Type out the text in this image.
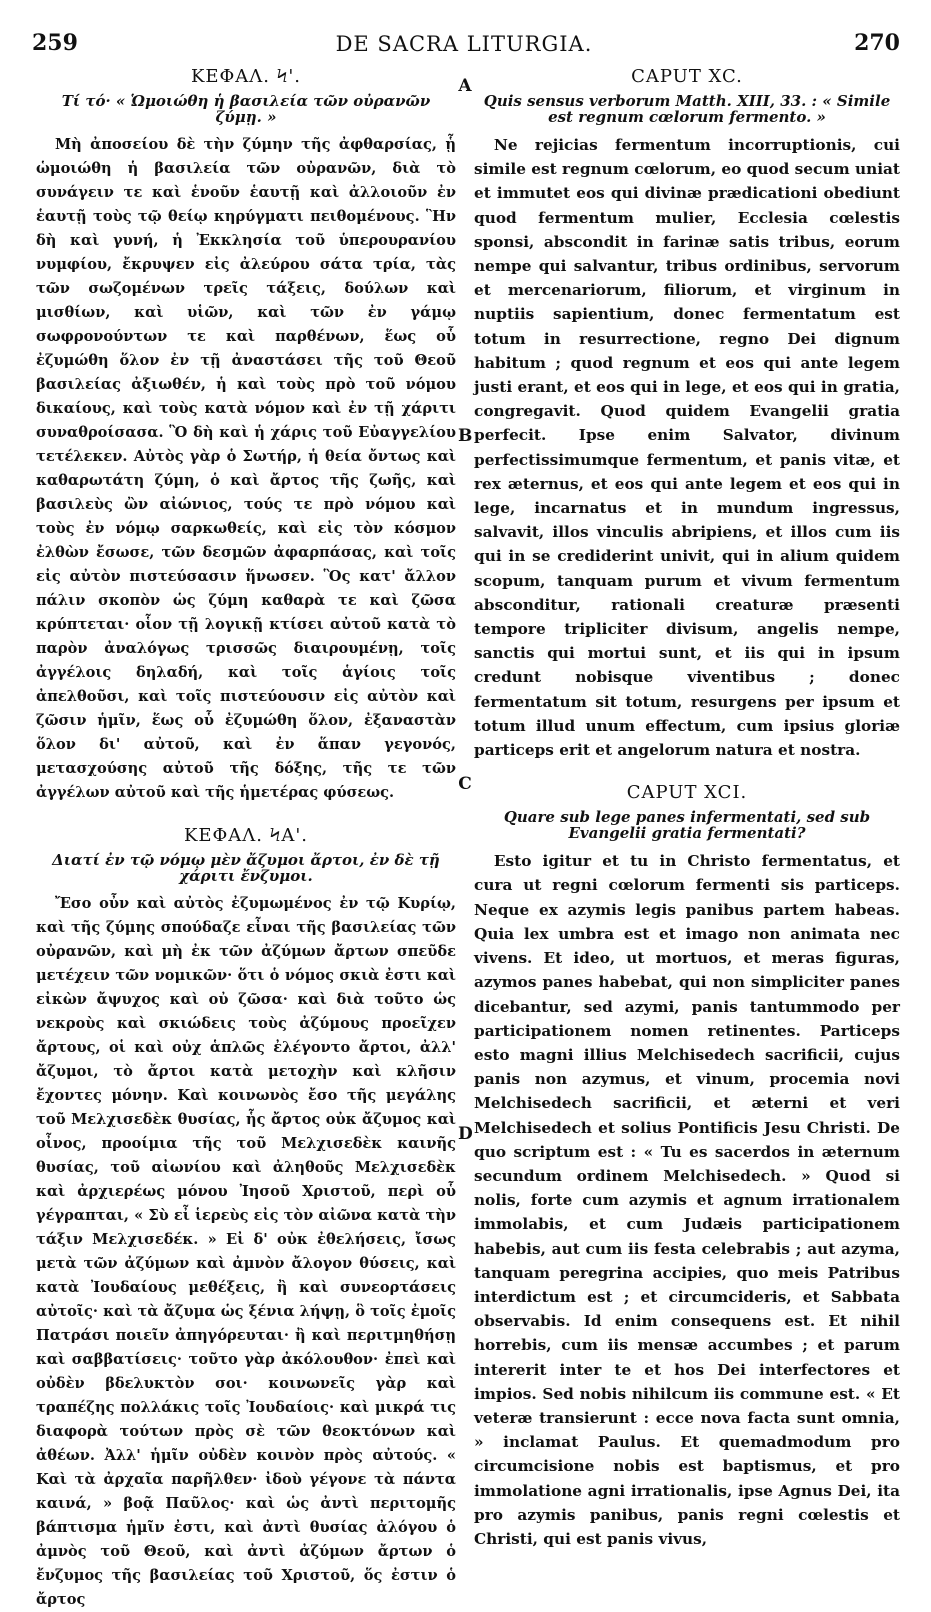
259	DE SACRA LITURGIA.	270
ΚΕΦΑΛ. Ϟ'.
Τί τό· « Ὡμοιώθη ἡ βασιλεία τῶν οὐρανῶν ζύμῃ. »

Μὴ ἀποσείου δὲ τὴν ζύμην τῆς ἀφθαρσίας, ᾗ ὡμοιώθη ἡ βασιλεία τῶν οὐρανῶν, διὰ τὸ συνάγειν τε καὶ ἑνοῦν ἑαυτῇ καὶ ἀλλοιοῦν ἐν ἑαυτῇ τοὺς τῷ θείῳ κηρύγματι πειθομένους. Ἣν δὴ καὶ γυνή, ἡ Ἐκκλησία τοῦ ὑπερουρανίου νυμφίου, ἔκρυψεν εἰς ἀλεύρου σάτα τρία, τὰς τῶν σωζομένων τρεῖς τάξεις, δούλων καὶ μισθίων, καὶ υἱῶν, καὶ τῶν ἐν γάμῳ σωφρονούντων τε καὶ παρθένων, ἕως οὗ ἐζυμώθη ὅλον ἐν τῇ ἀναστάσει τῆς τοῦ Θεοῦ βασιλείας ἀξιωθέν, ἡ καὶ τοὺς πρὸ τοῦ νόμου δικαίους, καὶ τοὺς κατὰ νόμον καὶ ἐν τῇ χάριτι συναθροίσασα. Ὃ δὴ καὶ ἡ χάρις τοῦ Εὐαγγελίου τετέλεκεν. Αὐτὸς γὰρ ὁ Σωτήρ, ἡ θεία ὄντως καὶ καθαρωτάτη ζύμη, ὁ καὶ ἄρτος τῆς ζωῆς, καὶ βασιλεὺς ὢν αἰώνιος, τούς τε πρὸ νόμου καὶ τοὺς ἐν νόμῳ σαρκωθείς, καὶ εἰς τὸν κόσμον ἐλθὼν ἔσωσε, τῶν δεσμῶν ἀφαρπάσας, καὶ τοῖς εἰς αὐτὸν πιστεύσασιν ἥνωσεν. Ὃς κατ' ἄλλον πάλιν σκοπὸν ὡς ζύμη καθαρὰ τε καὶ ζῶσα κρύπτεται· οἷον τῇ λογικῇ κτίσει αὐτοῦ κατὰ τὸ παρὸν ἀναλόγως τρισσῶς διαιρουμένῃ, τοῖς ἀγγέλοις δηλαδή, καὶ τοῖς ἁγίοις τοῖς ἀπελθοῦσι, καὶ τοῖς πιστεύουσιν εἰς αὐτὸν καὶ ζῶσιν ἡμῖν, ἕως οὗ ἐζυμώθη ὅλον, ἐξαναστὰν ὅλον δι' αὐτοῦ, καὶ ἐν ἅπαν γεγονός, μετασχούσης αὐτοῦ τῆς δόξης, τῆς τε τῶν ἀγγέλων αὐτοῦ καὶ τῆς ἡμετέρας φύσεως.

ΚΕΦΑΛ. ϞΑ'.
Διατί ἐν τῷ νόμῳ μὲν ἄζυμοι ἄρτοι, ἐν δὲ τῇ χάριτι ἔνζυμοι.

Ἔσο οὖν καὶ αὐτὸς ἐζυμωμένος ἐν τῷ Κυρίῳ, καὶ τῆς ζύμης σπούδαζε εἶναι τῆς βασιλείας τῶν οὐρανῶν, καὶ μὴ ἐκ τῶν ἀζύμων ἄρτων σπεῦδε μετέχειν τῶν νομικῶν· ὅτι ὁ νόμος σκιὰ ἐστι καὶ εἰκὼν ἄψυχος καὶ οὐ ζῶσα· καὶ διὰ τοῦτο ὡς νεκροὺς καὶ σκιώδεις τοὺς ἀζύμους προεῖχεν ἄρτους, οἱ καὶ οὐχ ἁπλῶς ἐλέγοντο ἄρτοι, ἀλλ' ἄζυμοι, τὸ ἄρτοι κατὰ μετοχὴν καὶ κλῆσιν ἔχοντες μόνην. Καὶ κοινωνὸς ἔσο τῆς μεγάλης τοῦ Μελχισεδὲκ θυσίας, ἧς ἄρτος οὐκ ἄζυμος καὶ οἶνος, προοίμια τῆς τοῦ Μελχισεδὲκ καινῆς θυσίας, τοῦ αἰωνίου καὶ ἀληθοῦς Μελχισεδὲκ καὶ ἀρχιερέως μόνου Ἰησοῦ Χριστοῦ, περὶ οὗ γέγραπται, « Σὺ εἶ ἱερεὺς εἰς τὸν αἰῶνα κατὰ τὴν τάξιν Μελχισεδέκ. » Εἰ δ' οὐκ ἐθελήσεις, ἴσως μετὰ τῶν ἀζύμων καὶ ἀμνὸν ἄλογον θύσεις, καὶ κατὰ Ἰουδαίους μεθέξεις, ἢ καὶ συνεορτάσεις αὐτοῖς· καὶ τὰ ἄζυμα ὡς ξένια λήψῃ, ὃ τοῖς ἐμοῖς Πατράσι ποιεῖν ἀπηγόρευται· ἢ καὶ περιτμηθήσῃ καὶ σαββατίσεις· τοῦτο γὰρ ἀκόλουθον· ἐπεὶ καὶ οὐδὲν βδελυκτὸν σοι· κοινωνεῖς γὰρ καὶ τραπέζης πολλάκις τοῖς Ἰουδαίοις· καὶ μικρά τις διαφορὰ τούτων πρὸς σὲ τῶν θεοκτόνων καὶ ἀθέων. Ἀλλ' ἡμῖν οὐδὲν κοινὸν πρὸς αὐτούς. « Καὶ τὰ ἀρχαῖα παρῆλθεν· ἰδοὺ γέγονε τὰ πάντα καινά, » βοᾷ Παῦλος· καὶ ὡς ἀντὶ περιτομῆς βάπτισμα ἡμῖν ἐστι, καὶ ἀντὶ θυσίας ἀλόγου ὁ ἀμνὸς τοῦ Θεοῦ, καὶ ἀντὶ ἀζύμων ἄρτων ὁ ἔνζυμος τῆς βασιλείας τοῦ Χριστοῦ, ὅς ἐστιν ὁ ἄρτος

A
B
C
D
CAPUT XC.
Quis sensus verborum Matth. XIII, 33. : « Simile est regnum cœlorum fermento. »

Ne rejicias fermentum incorruptionis, cui simile est regnum cœlorum, eo quod secum uniat et immutet eos qui divinæ prædicationi obediunt quod fermentum mulier, Ecclesia cœlestis sponsi, abscondit in farinæ satis tribus, eorum nempe qui salvantur, tribus ordinibus, servorum et mercenariorum, filiorum, et virginum in nuptiis sapientium, donec fermentatum est totum in resurrectione, regno Dei dignum habitum ; quod regnum et eos qui ante legem justi erant, et eos qui in lege, et eos qui in gratia, congregavit. Quod quidem Evangelii gratia perfecit. Ipse enim Salvator, divinum perfectissimumque fermentum, et panis vitæ, et rex æternus, et eos qui ante legem et eos qui in lege, incarnatus et in mundum ingressus, salvavit, illos vinculis abripiens, et illos cum iis qui in se crediderint univit, qui in alium quidem scopum, tanquam purum et vivum fermentum absconditur, rationali creaturæ præsenti tempore tripliciter divisum, angelis nempe, sanctis qui mortui sunt, et iis qui in ipsum credunt nobisque viventibus ; donec fermentatum sit totum, resurgens per ipsum et totum illud unum effectum, cum ipsius gloriæ particeps erit et angelorum natura et nostra.

CAPUT XCI.
Quare sub lege panes infermentati, sed sub Evangelii gratia fermentati?

Esto igitur et tu in Christo fermentatus, et cura ut regni cœlorum fermenti sis particeps. Neque ex azymis legis panibus partem habeas. Quia lex umbra est et imago non animata nec vivens. Et ideo, ut mortuos, et meras figuras, azymos panes habebat, qui non simpliciter panes dicebantur, sed azymi, panis tantummodo per participationem nomen retinentes. Particeps esto magni illius Melchisedech sacrificii, cujus panis non azymus, et vinum, procemia novi Melchisedech sacrificii, et æterni et veri Melchisedech et solius Pontificis Jesu Christi. De quo scriptum est : « Tu es sacerdos in æternum secundum ordinem Melchisedech. » Quod si nolis, forte cum azymis et agnum irrationalem immolabis, et cum Judæis participationem habebis, aut cum iis festa celebrabis ; aut azyma, tanquam peregrina accipies, quo meis Patribus interdictum est ; et circumcideris, et Sabbata observabis. Id enim consequens est. Et nihil horrebis, cum iis mensæ accumbes ; et parum intererit inter te et hos Dei interfectores et impios. Sed nobis nihilcum iis commune est. « Et veteræ transierunt : ecce nova facta sunt omnia, » inclamat Paulus. Et quemadmodum pro circumcisione nobis est baptismus, et pro immolatione agni irrationalis, ipse Agnus Dei, ita pro azymis panibus, panis regni cœlestis et Christi, qui est panis vivus,
